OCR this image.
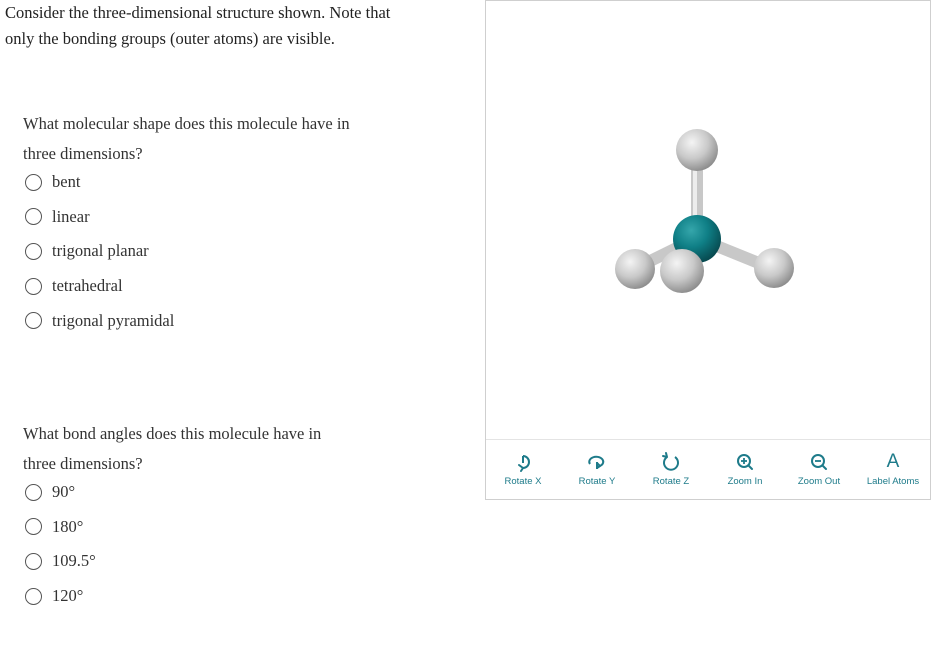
Consider the three-dimensional structure shown. Note that
only the bonding groups (outer atoms) are visible.

What molecular shape does this molecule have in

three dimensions?

bent
linear
trigonal planar
tetrahedral
trigonal pyramidal

What bond angles does this molecule have in

three dimensions?

90°
180°
109.5°
120°
Rotate X	Rotate Y	Rotate Z	Zoom In	Zoom Out
A
Label Atoms
